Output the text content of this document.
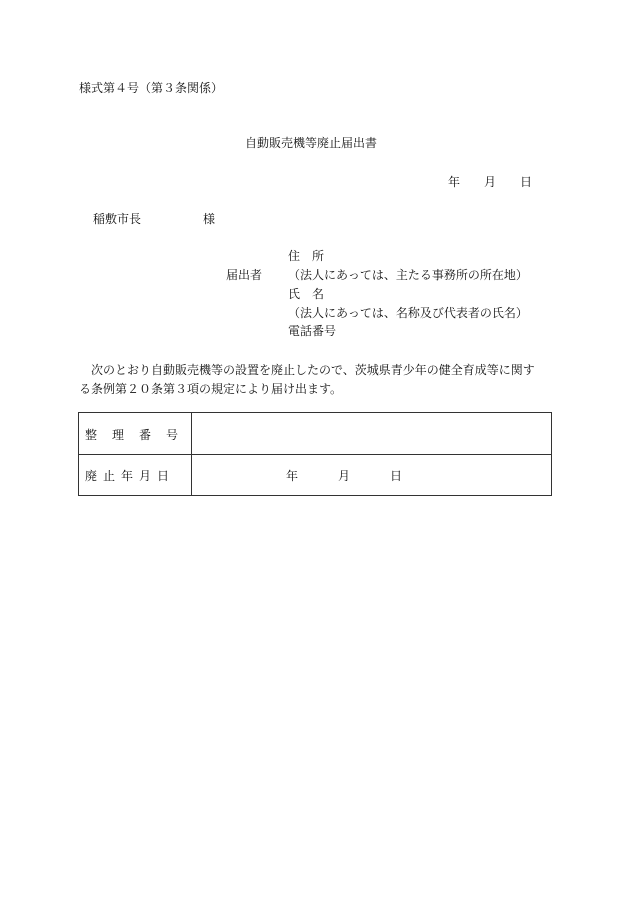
様式第４号（第３条関係）
自動販売機等廃止届出書
年 月 日
稲敷市長	様
住　所
届出者 （法人にあっては、主たる事務所の所在地）
氏　名
（法人にあっては、名称及び代表者の氏名）
電話番号

　次のとおり自動販売機等の設置を廃止したので、茨城県青少年の健全育成等に関す

る条例第２０条第３項の規定により届け出ます。

整理番号
廃止年月日	年	月	日
